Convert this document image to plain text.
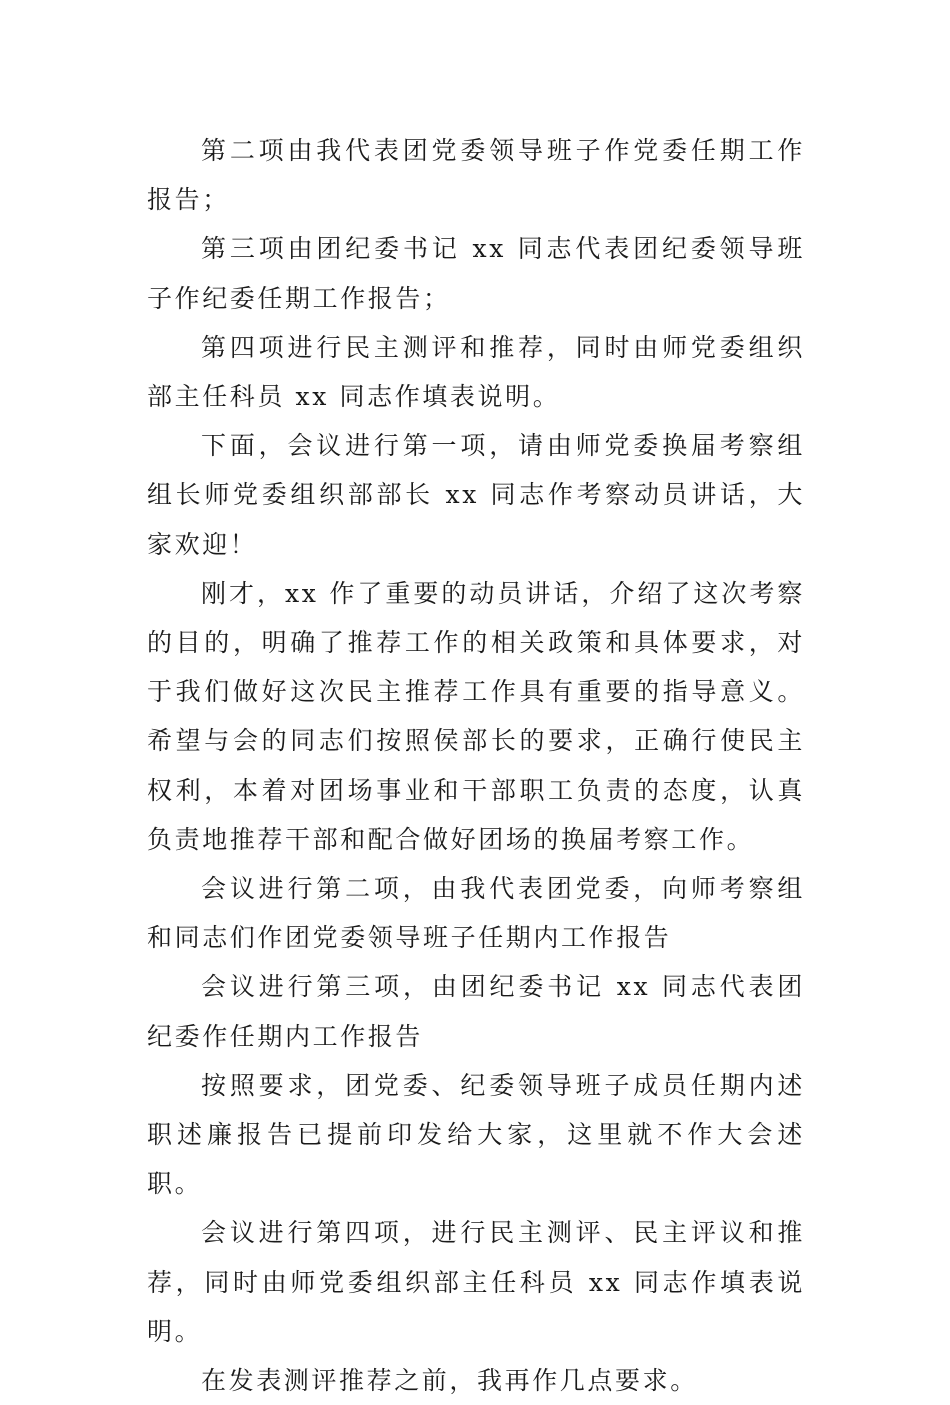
第二项由我代表团党委领导班子作党委任期工作报告；

第三项由团纪委书记 xx 同志代表团纪委领导班子作纪委任期工作报告；

第四项进行民主测评和推荐，同时由师党委组织部主任科员 xx 同志作填表说明。

下面，会议进行第一项，请由师党委换届考察组组长师党委组织部部长 xx 同志作考察动员讲话，大家欢迎！

刚才，xx 作了重要的动员讲话，介绍了这次考察的目的，明确了推荐工作的相关政策和具体要求，对于我们做好这次民主推荐工作具有重要的指导意义。希望与会的同志们按照侯部长的要求，正确行使民主权利，本着对团场事业和干部职工负责的态度，认真负责地推荐干部和配合做好团场的换届考察工作。

会议进行第二项，由我代表团党委，向师考察组和同志们作团党委领导班子任期内工作报告

会议进行第三项，由团纪委书记 xx 同志代表团纪委作任期内工作报告

按照要求，团党委、纪委领导班子成员任期内述职述廉报告已提前印发给大家，这里就不作大会述职。

会议进行第四项，进行民主测评、民主评议和推荐，同时由师党委组织部主任科员 xx 同志作填表说明。

在发表测评推荐之前，我再作几点要求。
